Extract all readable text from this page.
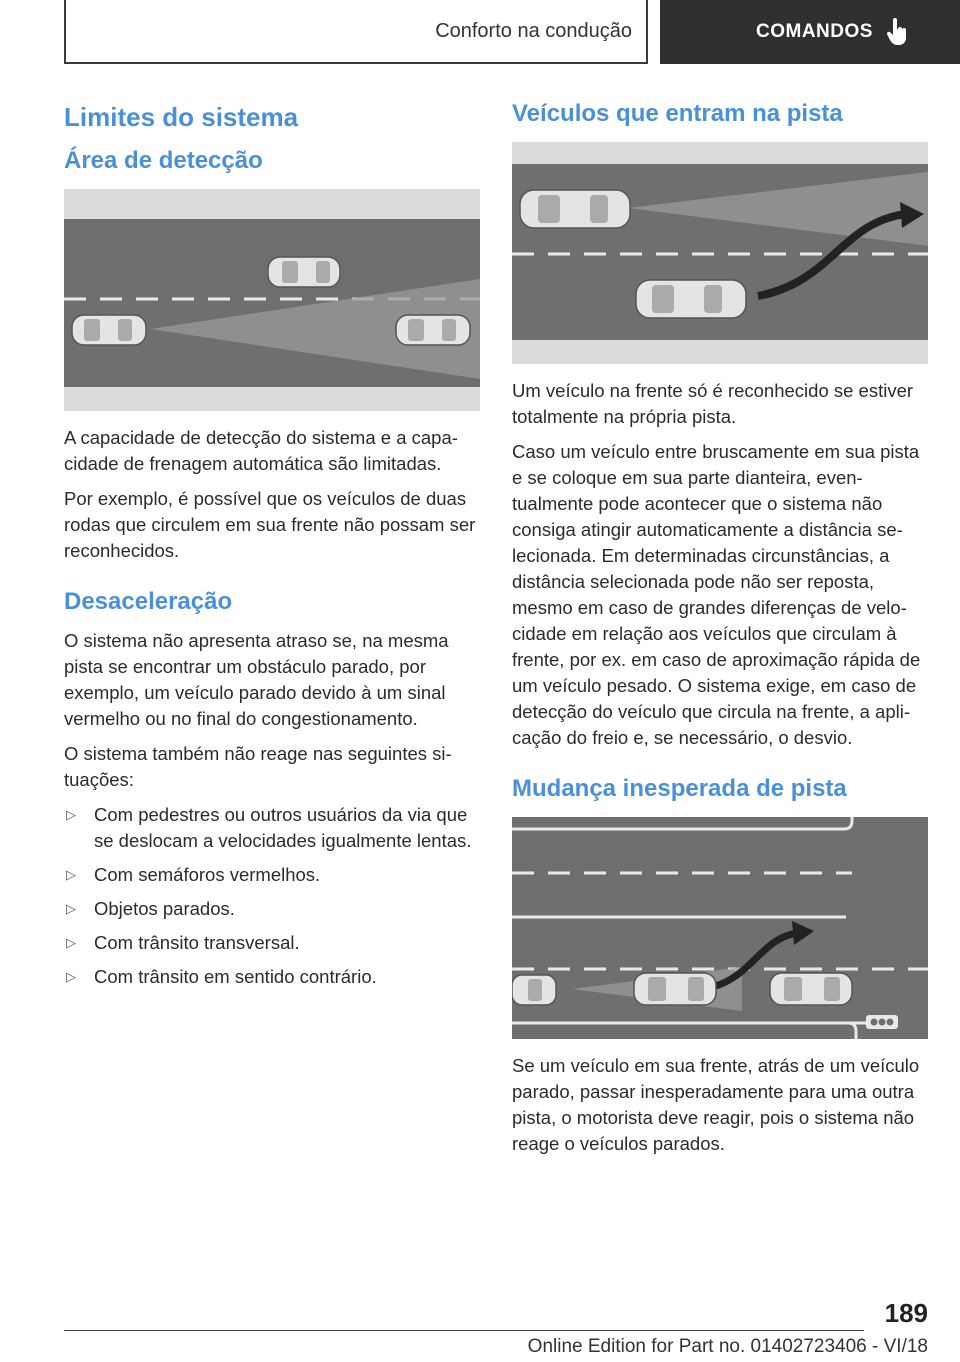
Conforto na condução	COMANDOS
Limites do sistema
Área de detecção

A capacidade de detecção do sistema e a capa‐cidade de frenagem automática são limitadas.

Por exemplo, é possível que os veículos de duas rodas que circulem em sua frente não possam ser reconhecidos.

Desaceleração

O sistema não apresenta atraso se, na mesma pista se encontrar um obstáculo parado, por exemplo, um veículo parado devido à um sinal vermelho ou no final do congestionamento.

O sistema também não reage nas seguintes si‐tuações:

▷ Com pedestres ou outros usuários da via que se deslocam a velocidades igualmente lentas.
▷ Com semáforos vermelhos.
▷ Objetos parados.
▷ Com trânsito transversal.
▷ Com trânsito em sentido contrário.
Veículos que entram na pista

Um veículo na frente só é reconhecido se estiver totalmente na própria pista.

Caso um veículo entre bruscamente em sua pista e se coloque em sua parte dianteira, even‐tualmente pode acontecer que o sistema não consiga atingir automaticamente a distância se‐lecionada. Em determinadas circunstâncias, a distância selecionada pode não ser reposta, mesmo em caso de grandes diferenças de velo‐cidade em relação aos veículos que circulam à frente, por ex. em caso de aproximação rápida de um veículo pesado. O sistema exige, em caso de detecção do veículo que circula na frente, a apli‐cação do freio e, se necessário, o desvio.

Mudança inesperada de pista

Se um veículo em sua frente, atrás de um veículo parado, passar inesperadamente para uma outra pista, o motorista deve reagir, pois o sistema não reage o veículos parados.

189
Online Edition for Part no. 01402723406 - VI/18
